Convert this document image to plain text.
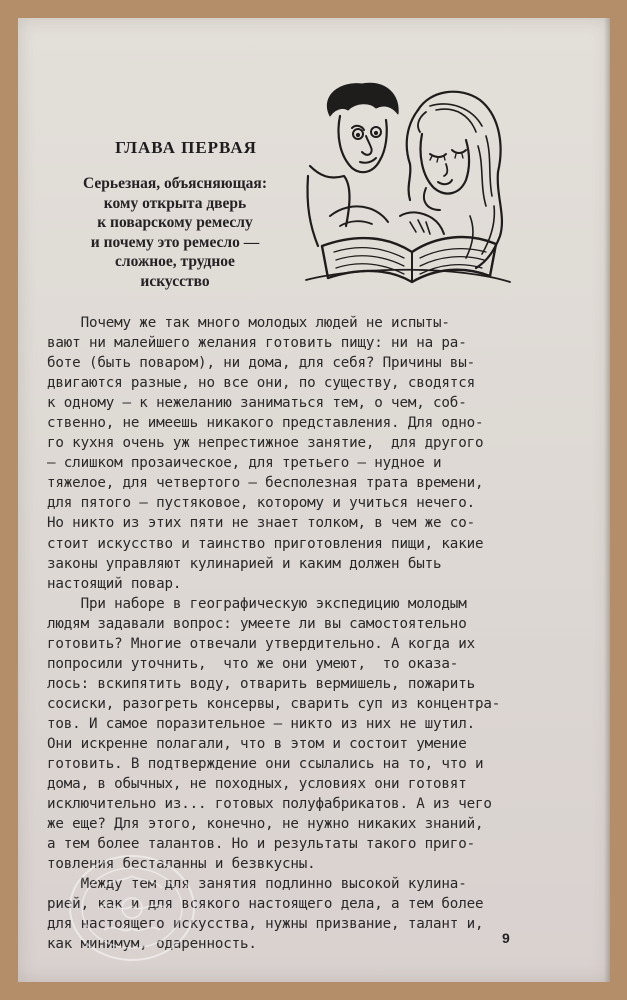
ГЛАВА ПЕРВАЯ

Серьезная, объясняющая:
кому открыта дверь
к поварскому ремеслу
и почему это ремесло —
сложное, трудное
искусство

Почему же так много молодых людей не испыты-
вают ни малейшего желания готовить пищу: ни на ра-
боте (быть поваром), ни дома, для себя? Причины вы-
двигаются разные, но все они, по существу, сводятся
к одному — к нежеланию заниматься тем, о чем, соб-
ственно, не имеешь никакого представления. Для одно-
го кухня очень уж непрестижное занятие,  для другого
— слишком прозаическое, для третьего — нудное и
тяжелое, для четвертого — бесполезная трата времени,
для пятого — пустяковое, которому и учиться нечего.
Но никто из этих пяти не знает толком, в чем же со-
стоит искусство и таинство приготовления пищи, какие
законы управляют кулинарией и каким должен быть
настоящий повар.
При наборе в географическую экспедицию молодым
людям задавали вопрос: умеете ли вы самостоятельно
готовить? Многие отвечали утвердительно. А когда их
попросили уточнить,  что же они умеют,  то оказа-
лось: вскипятить воду, отварить вермишель, пожарить
сосиски, разогреть консервы, сварить суп из концентра-
тов. И самое поразительное — никто из них не шутил.
Они искренне полагали, что в этом и состоит умение
готовить. В подтверждение они ссылались на то, что и
дома, в обычных, не походных, условиях они готовят
исключительно из... готовых полуфабрикатов. А из чего
же еще? Для этого, конечно, не нужно никаких знаний,
а тем более талантов. Но и результаты такого приго-
товления бесталанны и безвкусны.
Между тем для занятия подлинно высокой кулина-
рией, как и для всякого настоящего дела, а тем более
для настоящего искусства, нужны призвание, талант и,
как минимум, одаренность.	9
